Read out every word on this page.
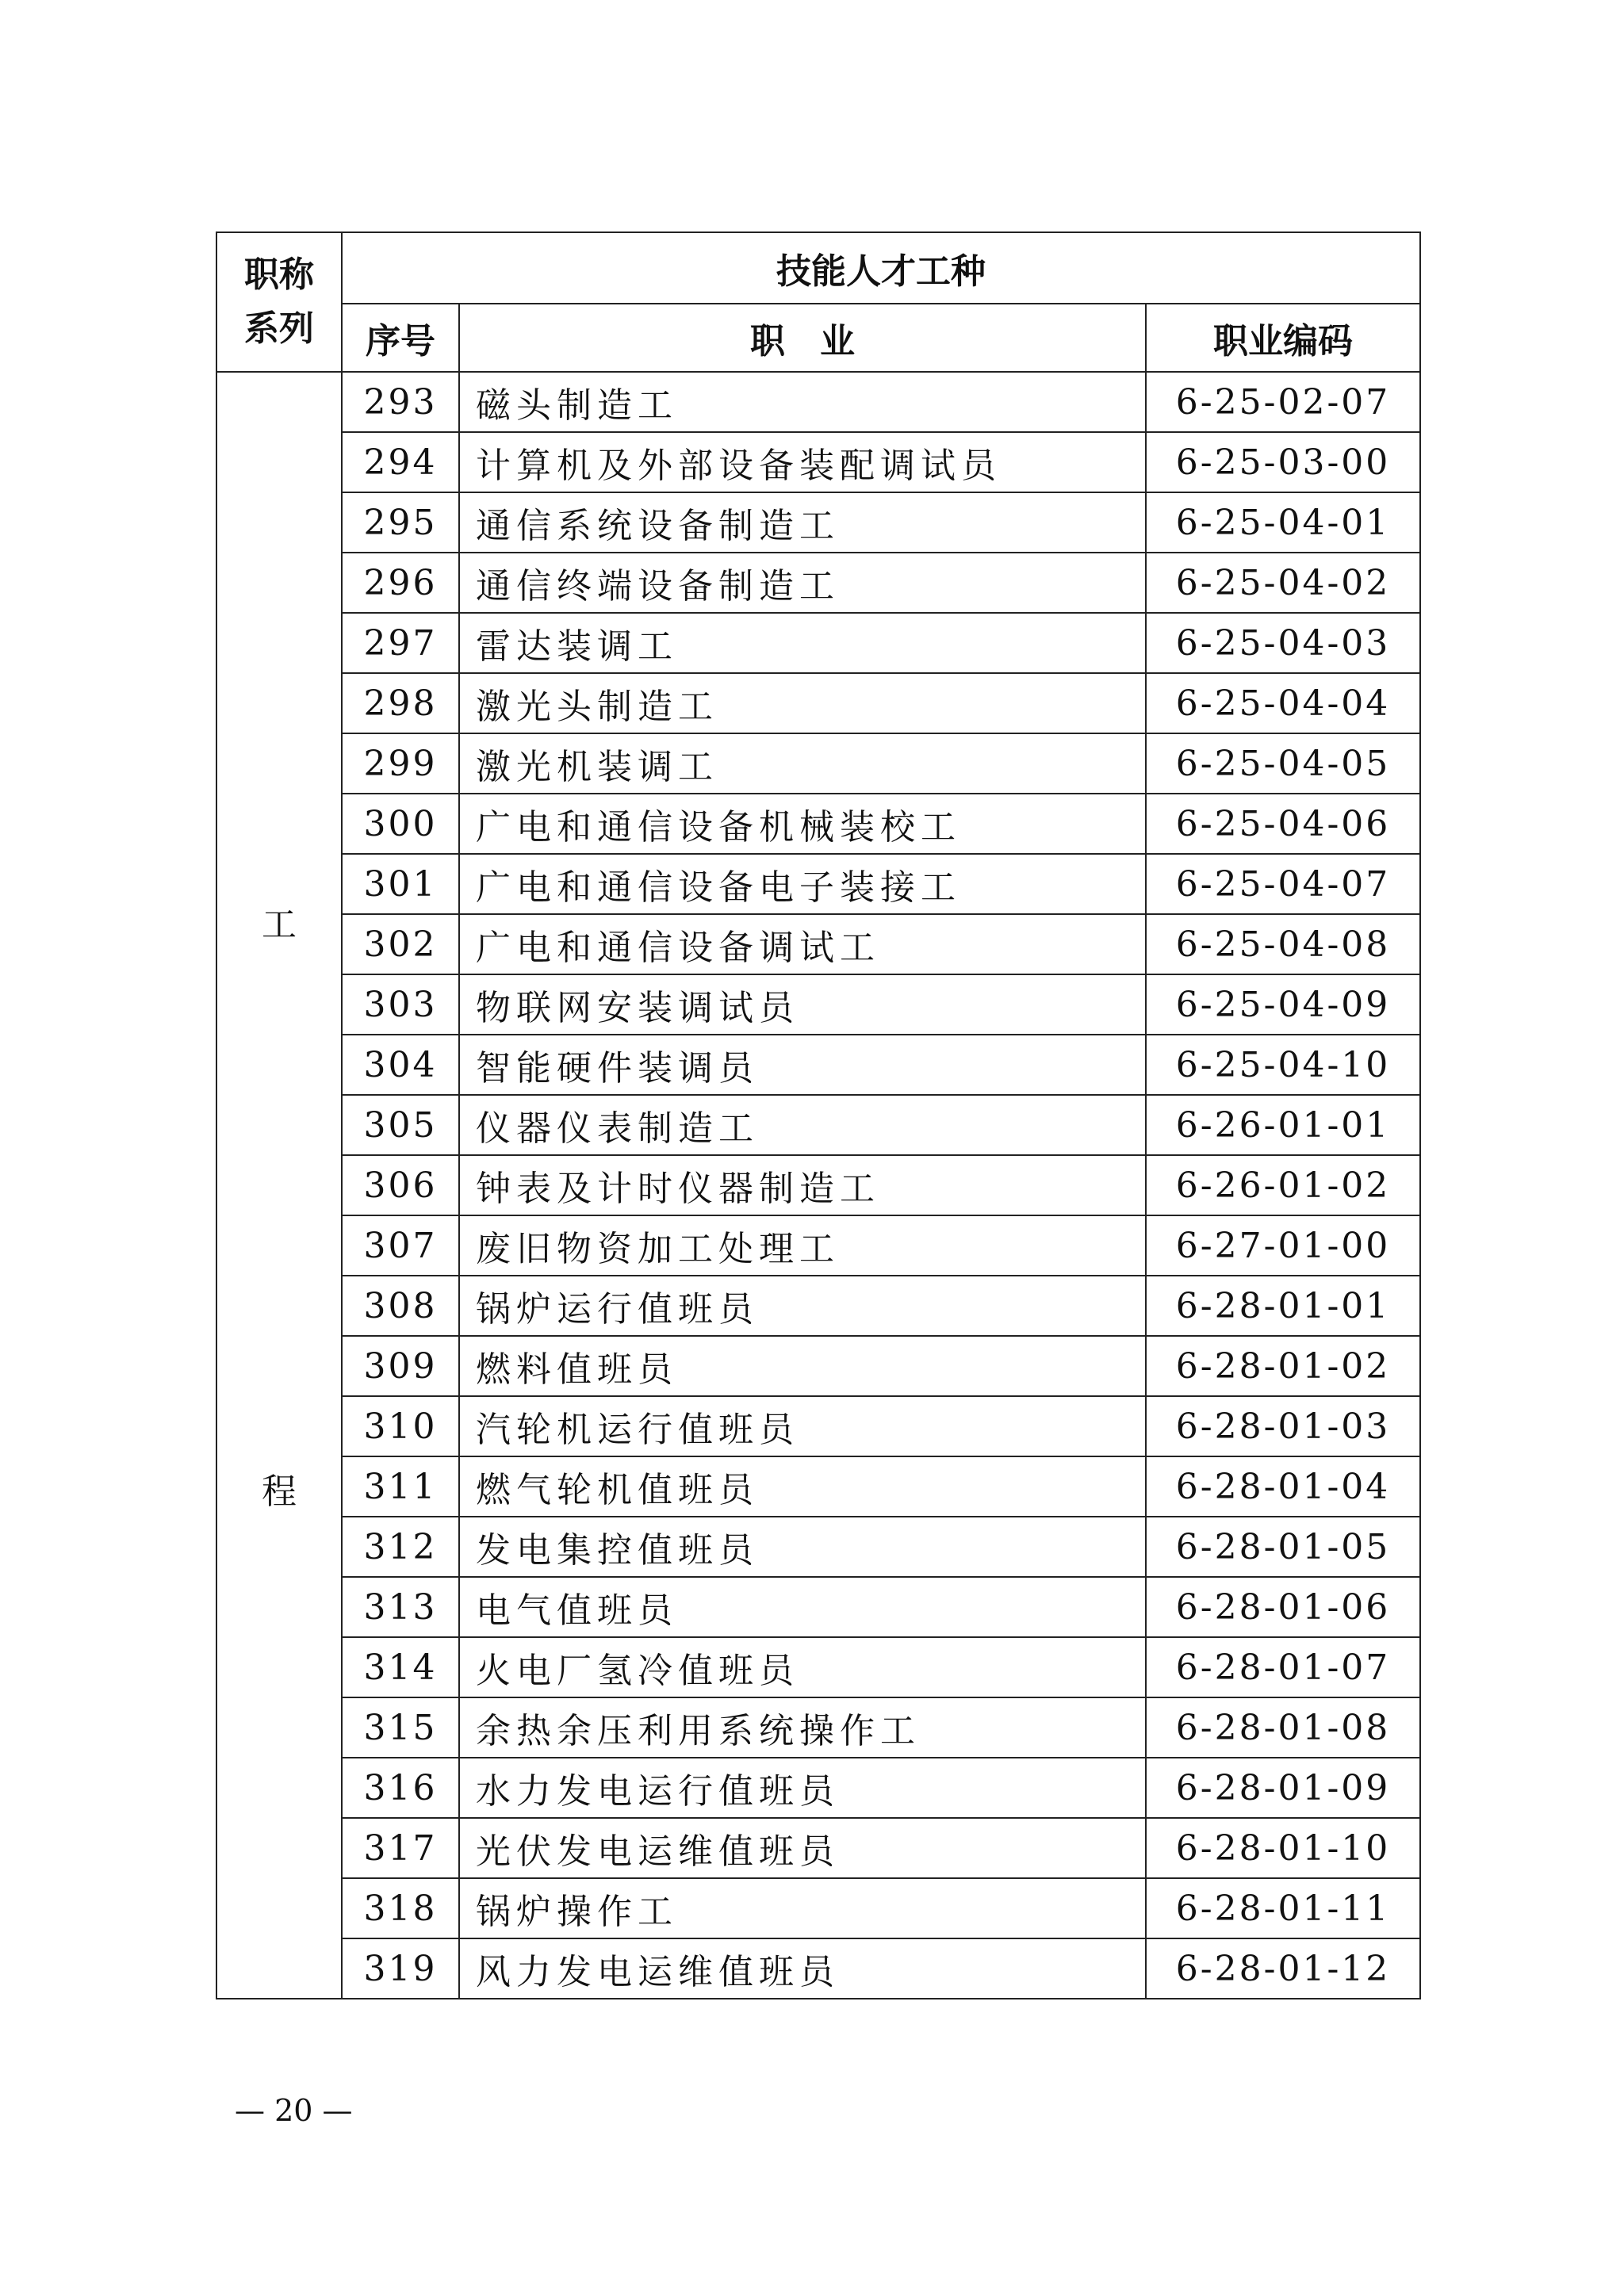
职称系列	技能人才工种		
	序号	职　业	职业编码

工
程	293	磁头制造工	6-25-02-07
	294	计算机及外部设备装配调试员	6-25-03-00
	295	通信系统设备制造工	6-25-04-01
	296	通信终端设备制造工	6-25-04-02
	297	雷达装调工	6-25-04-03
	298	激光头制造工	6-25-04-04
	299	激光机装调工	6-25-04-05
	300	广电和通信设备机械装校工	6-25-04-06
	301	广电和通信设备电子装接工	6-25-04-07
	302	广电和通信设备调试工	6-25-04-08
	303	物联网安装调试员	6-25-04-09
	304	智能硬件装调员	6-25-04-10
	305	仪器仪表制造工	6-26-01-01
	306	钟表及计时仪器制造工	6-26-01-02
	307	废旧物资加工处理工	6-27-01-00
	308	锅炉运行值班员	6-28-01-01
	309	燃料值班员	6-28-01-02
	310	汽轮机运行值班员	6-28-01-03
	311	燃气轮机值班员	6-28-01-04
	312	发电集控值班员	6-28-01-05
	313	电气值班员	6-28-01-06
	314	火电厂氢冷值班员	6-28-01-07
	315	余热余压利用系统操作工	6-28-01-08
	316	水力发电运行值班员	6-28-01-09
	317	光伏发电运维值班员	6-28-01-10
	318	锅炉操作工	6-28-01-11
	319	风力发电运维值班员	6-28-01-12
— 20 —
